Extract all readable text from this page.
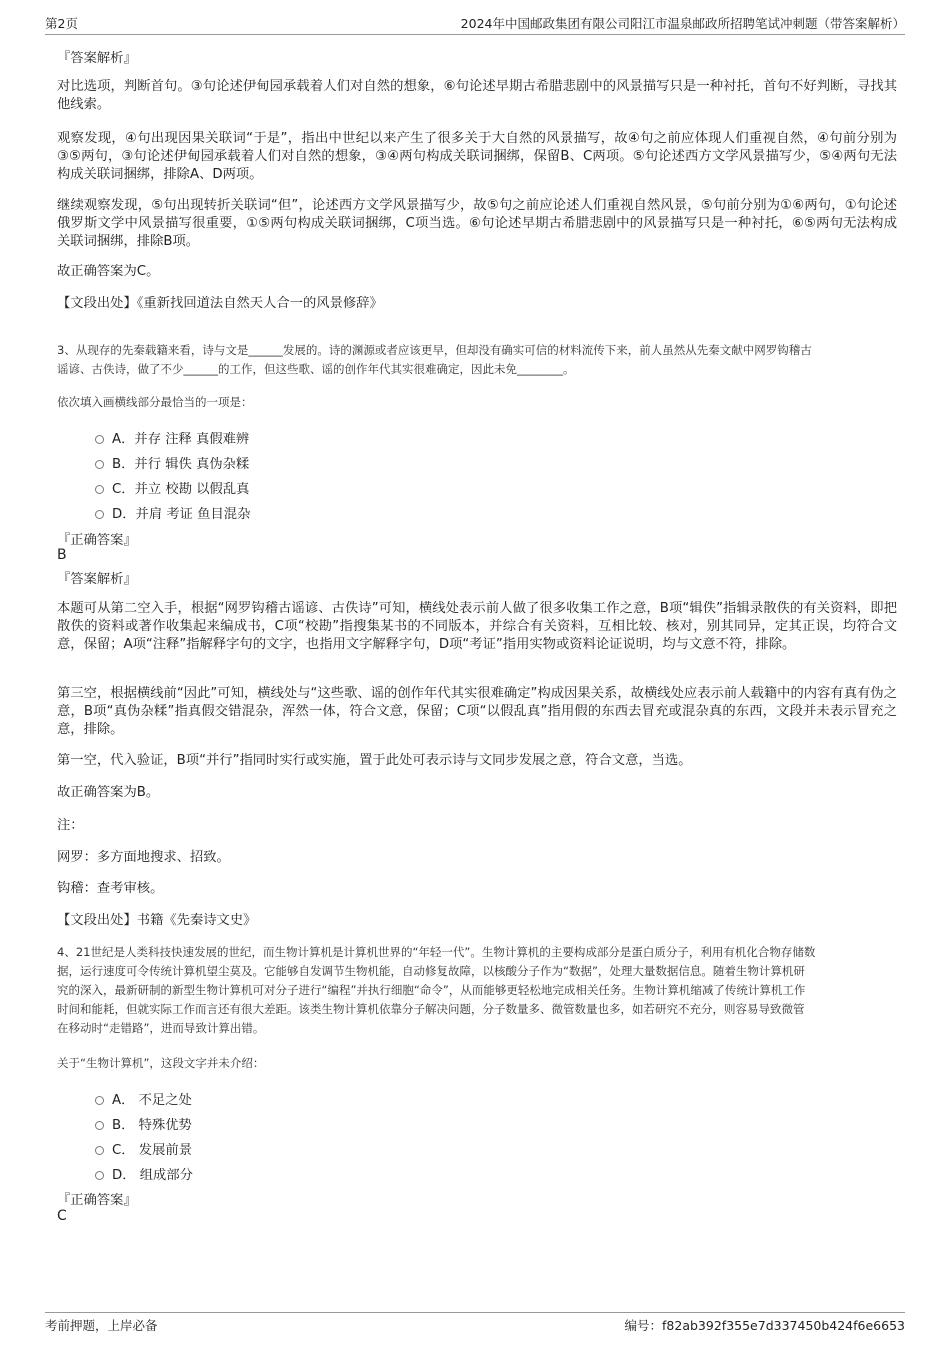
第2页	2024年中国邮政集团有限公司阳江市温泉邮政所招聘笔试冲刺题（带答案解析）
『答案解析』
对比选项，判断首句。③句论述伊甸园承载着人们对自然的想象，⑥句论述早期古希腊悲剧中的风景描写只是一种衬托，首句不好判断，寻找其他线索。
观察发现，④句出现因果关联词“于是”，指出中世纪以来产生了很多关于大自然的风景描写，故④句之前应体现人们重视自然，④句前分别为③⑤两句，③句论述伊甸园承载着人们对自然的想象，③④两句构成关联词捆绑，保留B、C两项。⑤句论述西方文学风景描写少，⑤④两句无法构成关联词捆绑，排除A、D两项。
继续观察发现，⑤句出现转折关联词“但”，论述西方文学风景描写少，故⑤句之前应论述人们重视自然风景，⑤句前分别为①⑥两句，①句论述俄罗斯文学中风景描写很重要，①⑤两句构成关联词捆绑，C项当选。⑥句论述早期古希腊悲剧中的风景描写只是一种衬托，⑥⑤两句无法构成关联词捆绑，排除B项。
故正确答案为C。
【文段出处】《重新找回道法自然天人合一的风景修辞》
3、从现存的先秦载籍来看，诗与文是______发展的。诗的渊源或者应该更早，但却没有确实可信的材料流传下来，前人虽然从先秦文献中网罗钩稽古
谣谚、古佚诗，做了不少______的工作，但这些歌、谣的创作年代其实很难确定，因此未免________。
依次填入画横线部分最恰当的一项是：
A．并存 注释 真假难辨
B．并行 辑佚 真伪杂糅
C．并立 校勘 以假乱真
D．并肩 考证 鱼目混杂
『正确答案』
B
『答案解析』
本题可从第二空入手，根据“网罗钩稽古谣谚、古佚诗”可知，横线处表示前人做了很多收集工作之意，B项“辑佚”指辑录散佚的有关资料，即把散佚的资料或著作收集起来编成书，C项“校勘”指搜集某书的不同版本，并综合有关资料，互相比较、核对，别其同异，定其正误，均符合文意，保留；A项“注释”指解释字句的文字，也指用文字解释字句，D项“考证”指用实物或资料论证说明，均与文意不符，排除。
第三空，根据横线前“因此”可知，横线处与“这些歌、谣的创作年代其实很难确定”构成因果关系，故横线处应表示前人载籍中的内容有真有伪之意，B项“真伪杂糅”指真假交错混杂，浑然一体，符合文意，保留；C项“以假乱真”指用假的东西去冒充或混杂真的东西，文段并未表示冒充之意，排除。
第一空，代入验证，B项“并行”指同时实行或实施，置于此处可表示诗与文同步发展之意，符合文意，当选。
故正确答案为B。
注：
网罗：多方面地搜求、招致。
钩稽：查考审核。
【文段出处】书籍《先秦诗文史》
4、21世纪是人类科技快速发展的世纪，而生物计算机是计算机世界的“年轻一代”。生物计算机的主要构成部分是蛋白质分子，利用有机化合物存储数
据，运行速度可令传统计算机望尘莫及。它能够自发调节生物机能，自动修复故障，以核酸分子作为“数据”，处理大量数据信息。随着生物计算机研
究的深入，最新研制的新型生物计算机可对分子进行“编程”并执行细胞“命令”，从而能够更轻松地完成相关任务。生物计算机缩减了传统计算机工作
时间和能耗，但就实际工作而言还有很大差距。该类生物计算机依靠分子解决问题，分子数量多、微管数量也多，如若研究不充分，则容易导致微管
在移动时“走错路”，进而导致计算出错。
关于“生物计算机”，这段文字并未介绍：
A． 不足之处
B． 特殊优势
C． 发展前景
D． 组成部分
『正确答案』
C
考前押题，上岸必备	编号：f82ab392f355e7d337450b424f6e6653
